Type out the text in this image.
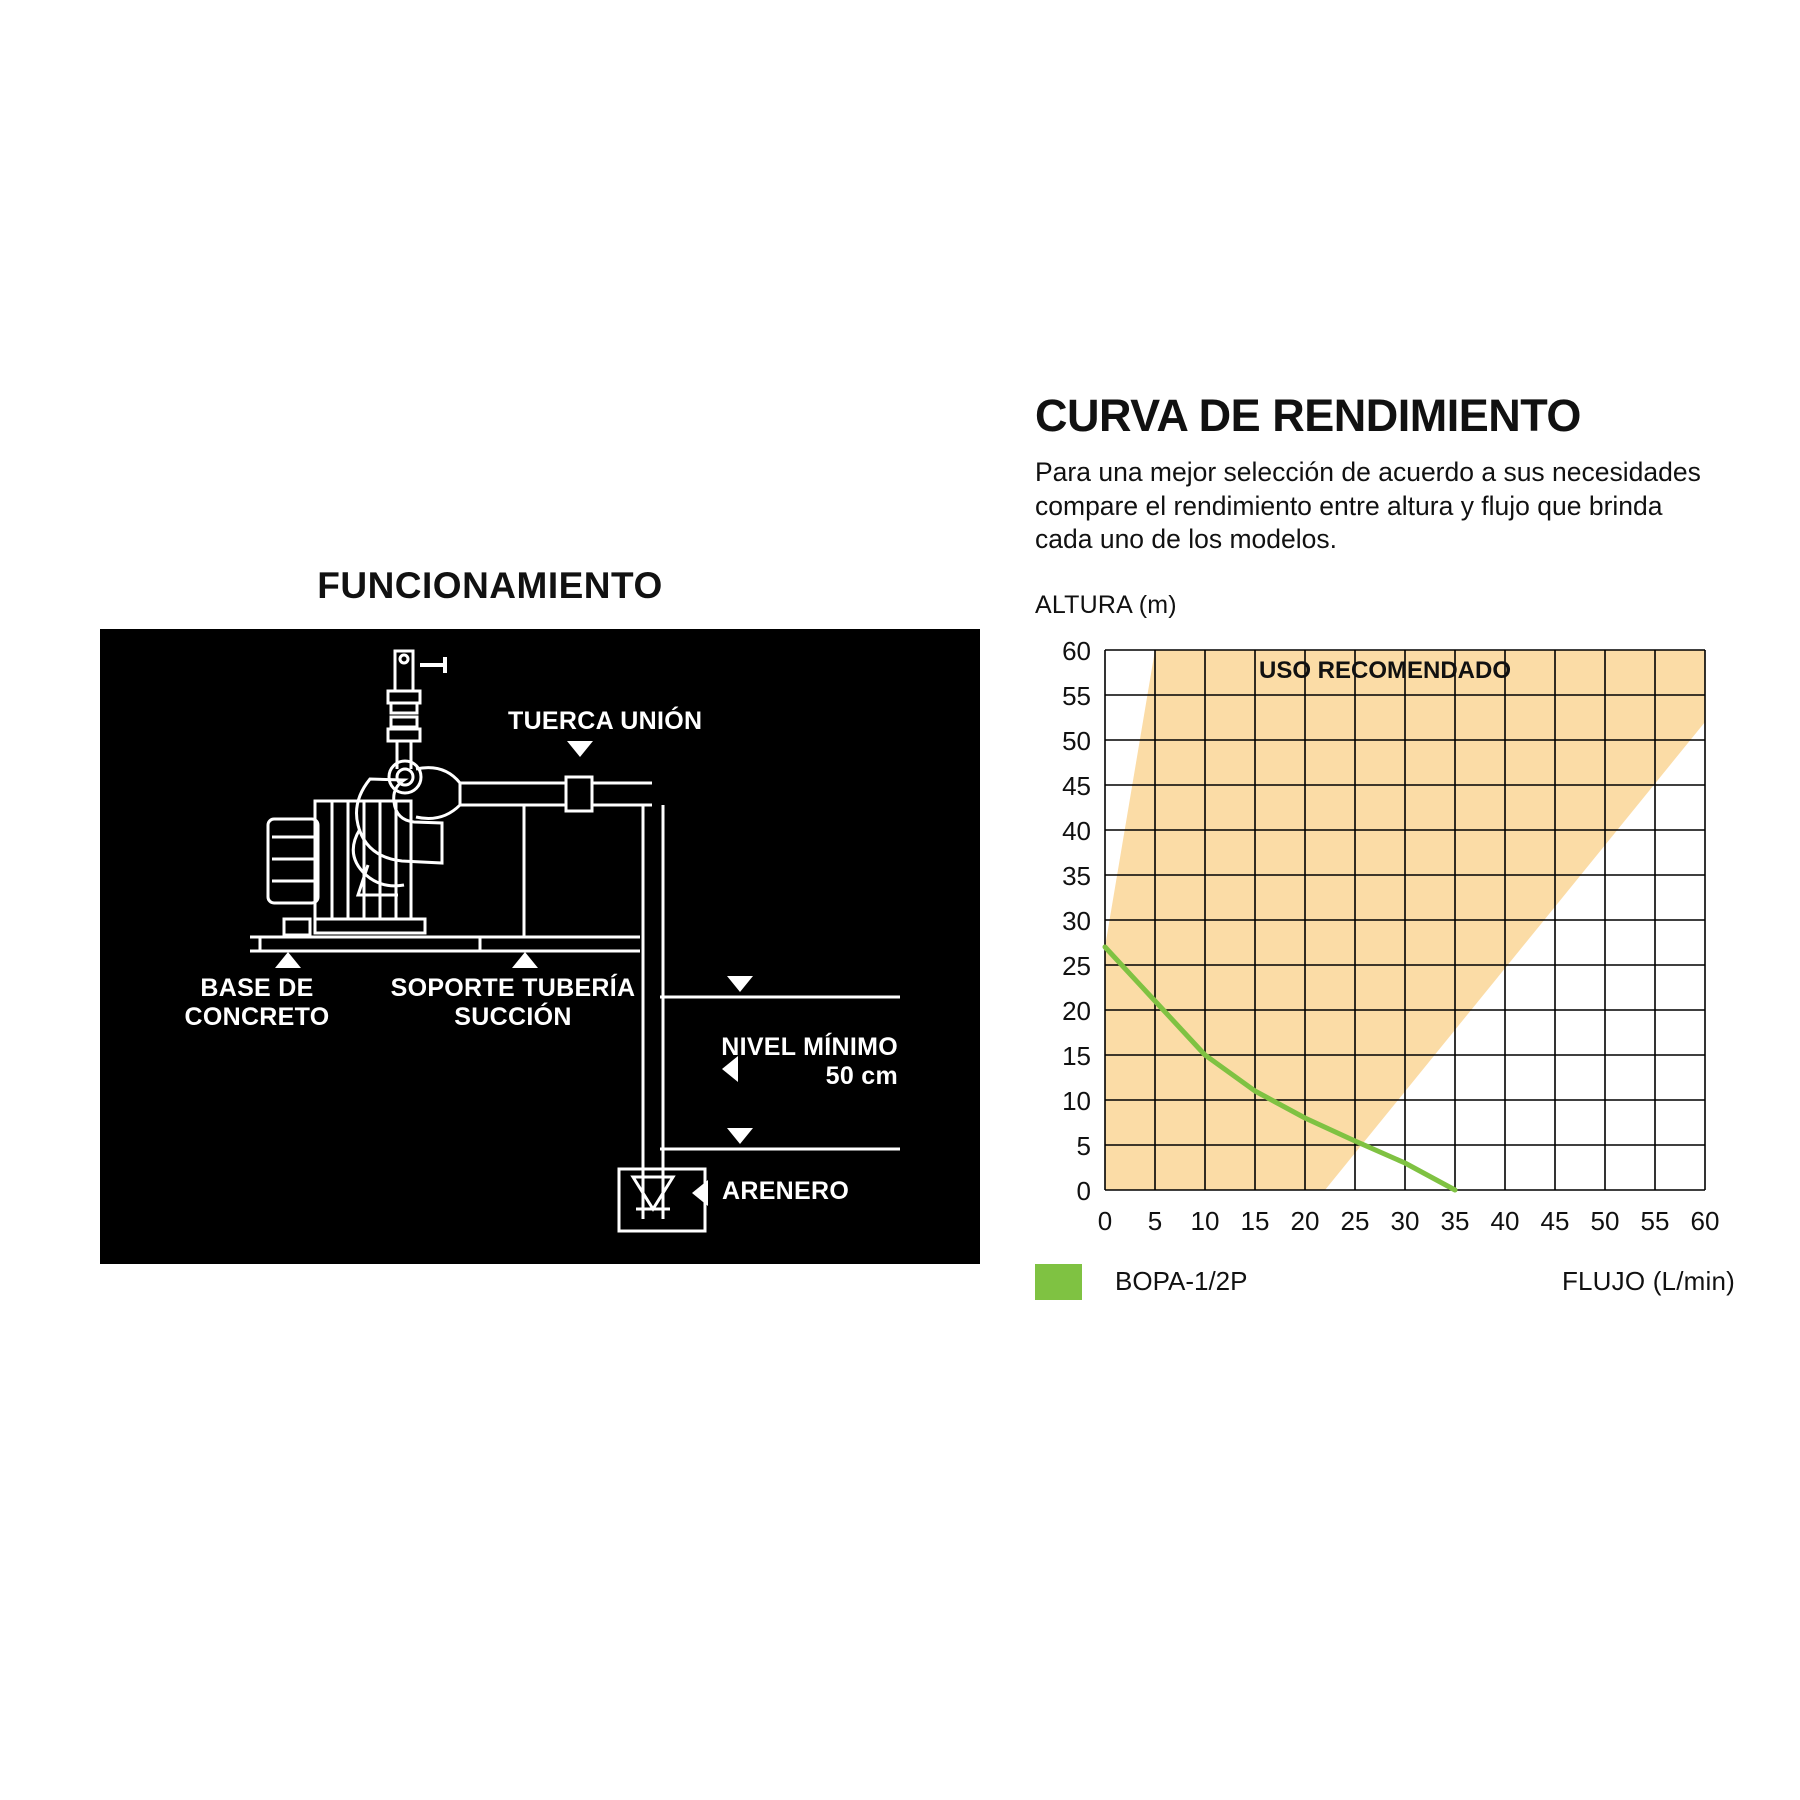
FUNCIONAMIENTO
TUERCA UNIÓN
BASE DE
CONCRETO
SOPORTE TUBERÍA
SUCCIÓN
NIVEL MÍNIMO
50 cm
ARENERO
CURVA DE RENDIMIENTO

Para una mejor selección de acuerdo a sus necesidades compare el rendimiento entre altura y flujo que brinda cada uno de los modelos.

ALTURA (m)
USO RECOMENDADO
60
55
50
45
40
35
30
25
20
15
10
5
0
0 5 10 15 20 25 30 35 40 45 50 55 60
BOPA-1/2P	FLUJO (L/min)
